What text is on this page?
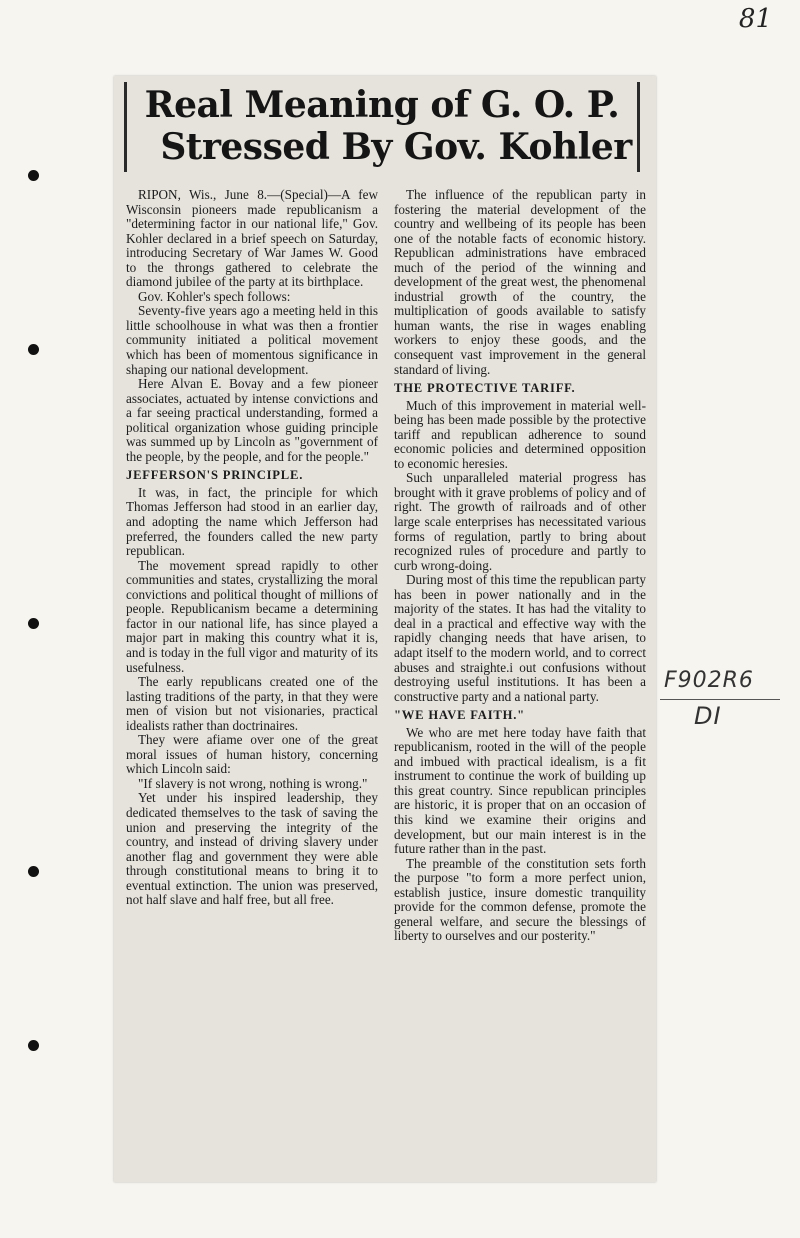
81
Real Meaning of G. O. P.
Stressed By Gov. Kohler

RIPON, Wis., June 8.—(Special)—A few Wisconsin pioneers made republicanism a "determining factor in our national life," Gov. Kohler declared in a brief speech on Saturday, introducing Secretary of War James W. Good to the throngs gathered to celebrate the diamond jubilee of the party at its birthplace.

Gov. Kohler's spech follows:

Seventy-five years ago a meeting held in this little schoolhouse in what was then a frontier community initiated a political movement which has been of momentous significance in shaping our national development.

Here Alvan E. Bovay and a few pioneer associates, actuated by intense convictions and a far seeing practical understanding, formed a political organization whose guiding principle was summed up by Lincoln as "government of the people, by the people, and for the people."

JEFFERSON'S PRINCIPLE.

It was, in fact, the principle for which Thomas Jefferson had stood in an earlier day, and adopting the name which Jefferson had preferred, the founders called the new party republican.

The movement spread rapidly to other communities and states, crystallizing the moral convictions and political thought of millions of people. Republicanism became a determining factor in our national life, has since played a major part in making this country what it is, and is today in the full vigor and maturity of its usefulness.

The early republicans created one of the lasting traditions of the party, in that they were men of vision but not visionaries, practical idealists rather than doctrinaires.

They were afiame over one of the great moral issues of human history, concerning which Lincoln said:

"If slavery is not wrong, nothing is wrong."

Yet under his inspired leadership, they dedicated themselves to the task of saving the union and preserving the integrity of the country, and instead of driving slavery under another flag and government they were able through constitutional means to bring it to eventual extinction. The union was preserved, not half slave and half free, but all free.

The influence of the republican party in fostering the material development of the country and wellbeing of its people has been one of the notable facts of economic history. Republican administrations have embraced much of the period of the winning and development of the great west, the phenomenal industrial growth of the country, the multiplication of goods available to satisfy human wants, the rise in wages enabling workers to enjoy these goods, and the consequent vast improvement in the general standard of living.

THE PROTECTIVE TARIFF.

Much of this improvement in material well-being has been made possible by the protective tariff and republican adherence to sound economic policies and determined opposition to economic heresies.

Such unparalleled material progress has brought with it grave problems of policy and of right. The growth of railroads and of other large scale enterprises has necessitated various forms of regulation, partly to bring about recognized rules of procedure and partly to curb wrong-doing.

During most of this time the republican party has been in power nationally and in the majority of the states. It has had the vitality to deal in a practical and effective way with the rapidly changing needs that have arisen, to adapt itself to the modern world, and to correct abuses and straighte.i out confusions without destroying useful institutions. It has been a constructive party and a national party.

"WE HAVE FAITH."

We who are met here today have faith that republicanism, rooted in the will of the people and imbued with practical idealism, is a fit instrument to continue the work of building up this great country. Since republican principles are historic, it is proper that on an occasion of this kind we examine their origins and development, but our main interest is in the future rather than in the past.

The preamble of the constitution sets forth the purpose "to form a more perfect union, establish justice, insure domestic tranquility provide for the common defense, promote the general welfare, and secure the blessings of liberty to ourselves and our posterity."

F902R6
DI
